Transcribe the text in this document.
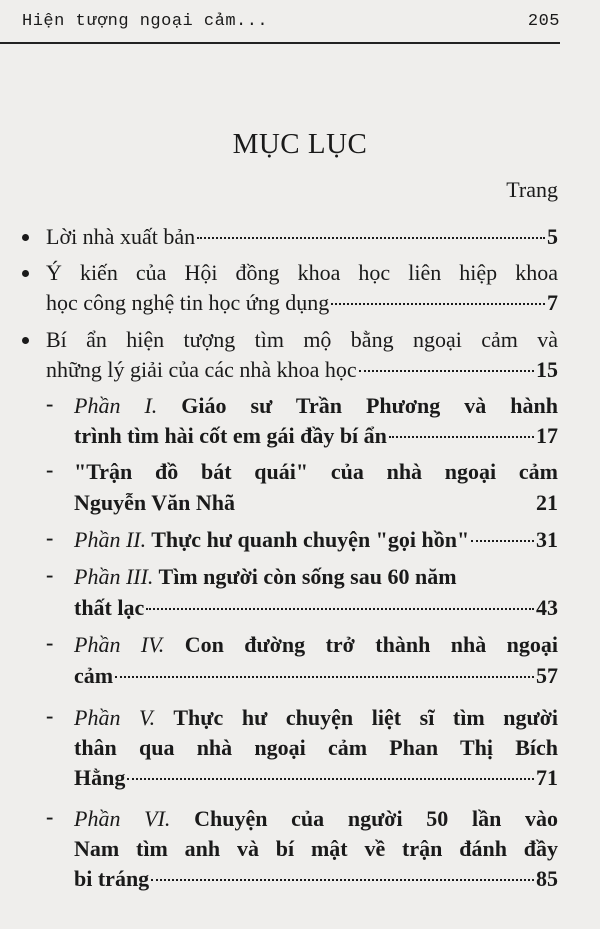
Hiện tượng ngoại cảm...	205
MỤC LỤC
Trang
Lời nhà xuất bản	5
Ý kiến của Hội đồng khoa học liên hiệp khoa
học công nghệ tin học ứng dụng	7
Bí ẩn hiện tượng tìm mộ bằng ngoại cảm và
những lý giải của các nhà khoa học	15
- Phần I. Giáo sư Trần Phương và hành
trình tìm hài cốt em gái đầy bí ẩn	17
- "Trận đồ bát quái" của nhà ngoại cảm
Nguyễn Văn Nhã	21
- Phần II. Thực hư quanh chuyện "gọi hồn"	31
- Phần III. Tìm người còn sống sau 60 năm
thất lạc	43
- Phần IV. Con đường trở thành nhà ngoại
cảm	57
- Phần V. Thực hư chuyện liệt sĩ tìm người
thân qua nhà ngoại cảm Phan Thị Bích
Hằng	71
- Phần VI. Chuyện của người 50 lần vào
Nam tìm anh và bí mật về trận đánh đầy
bi tráng	85
